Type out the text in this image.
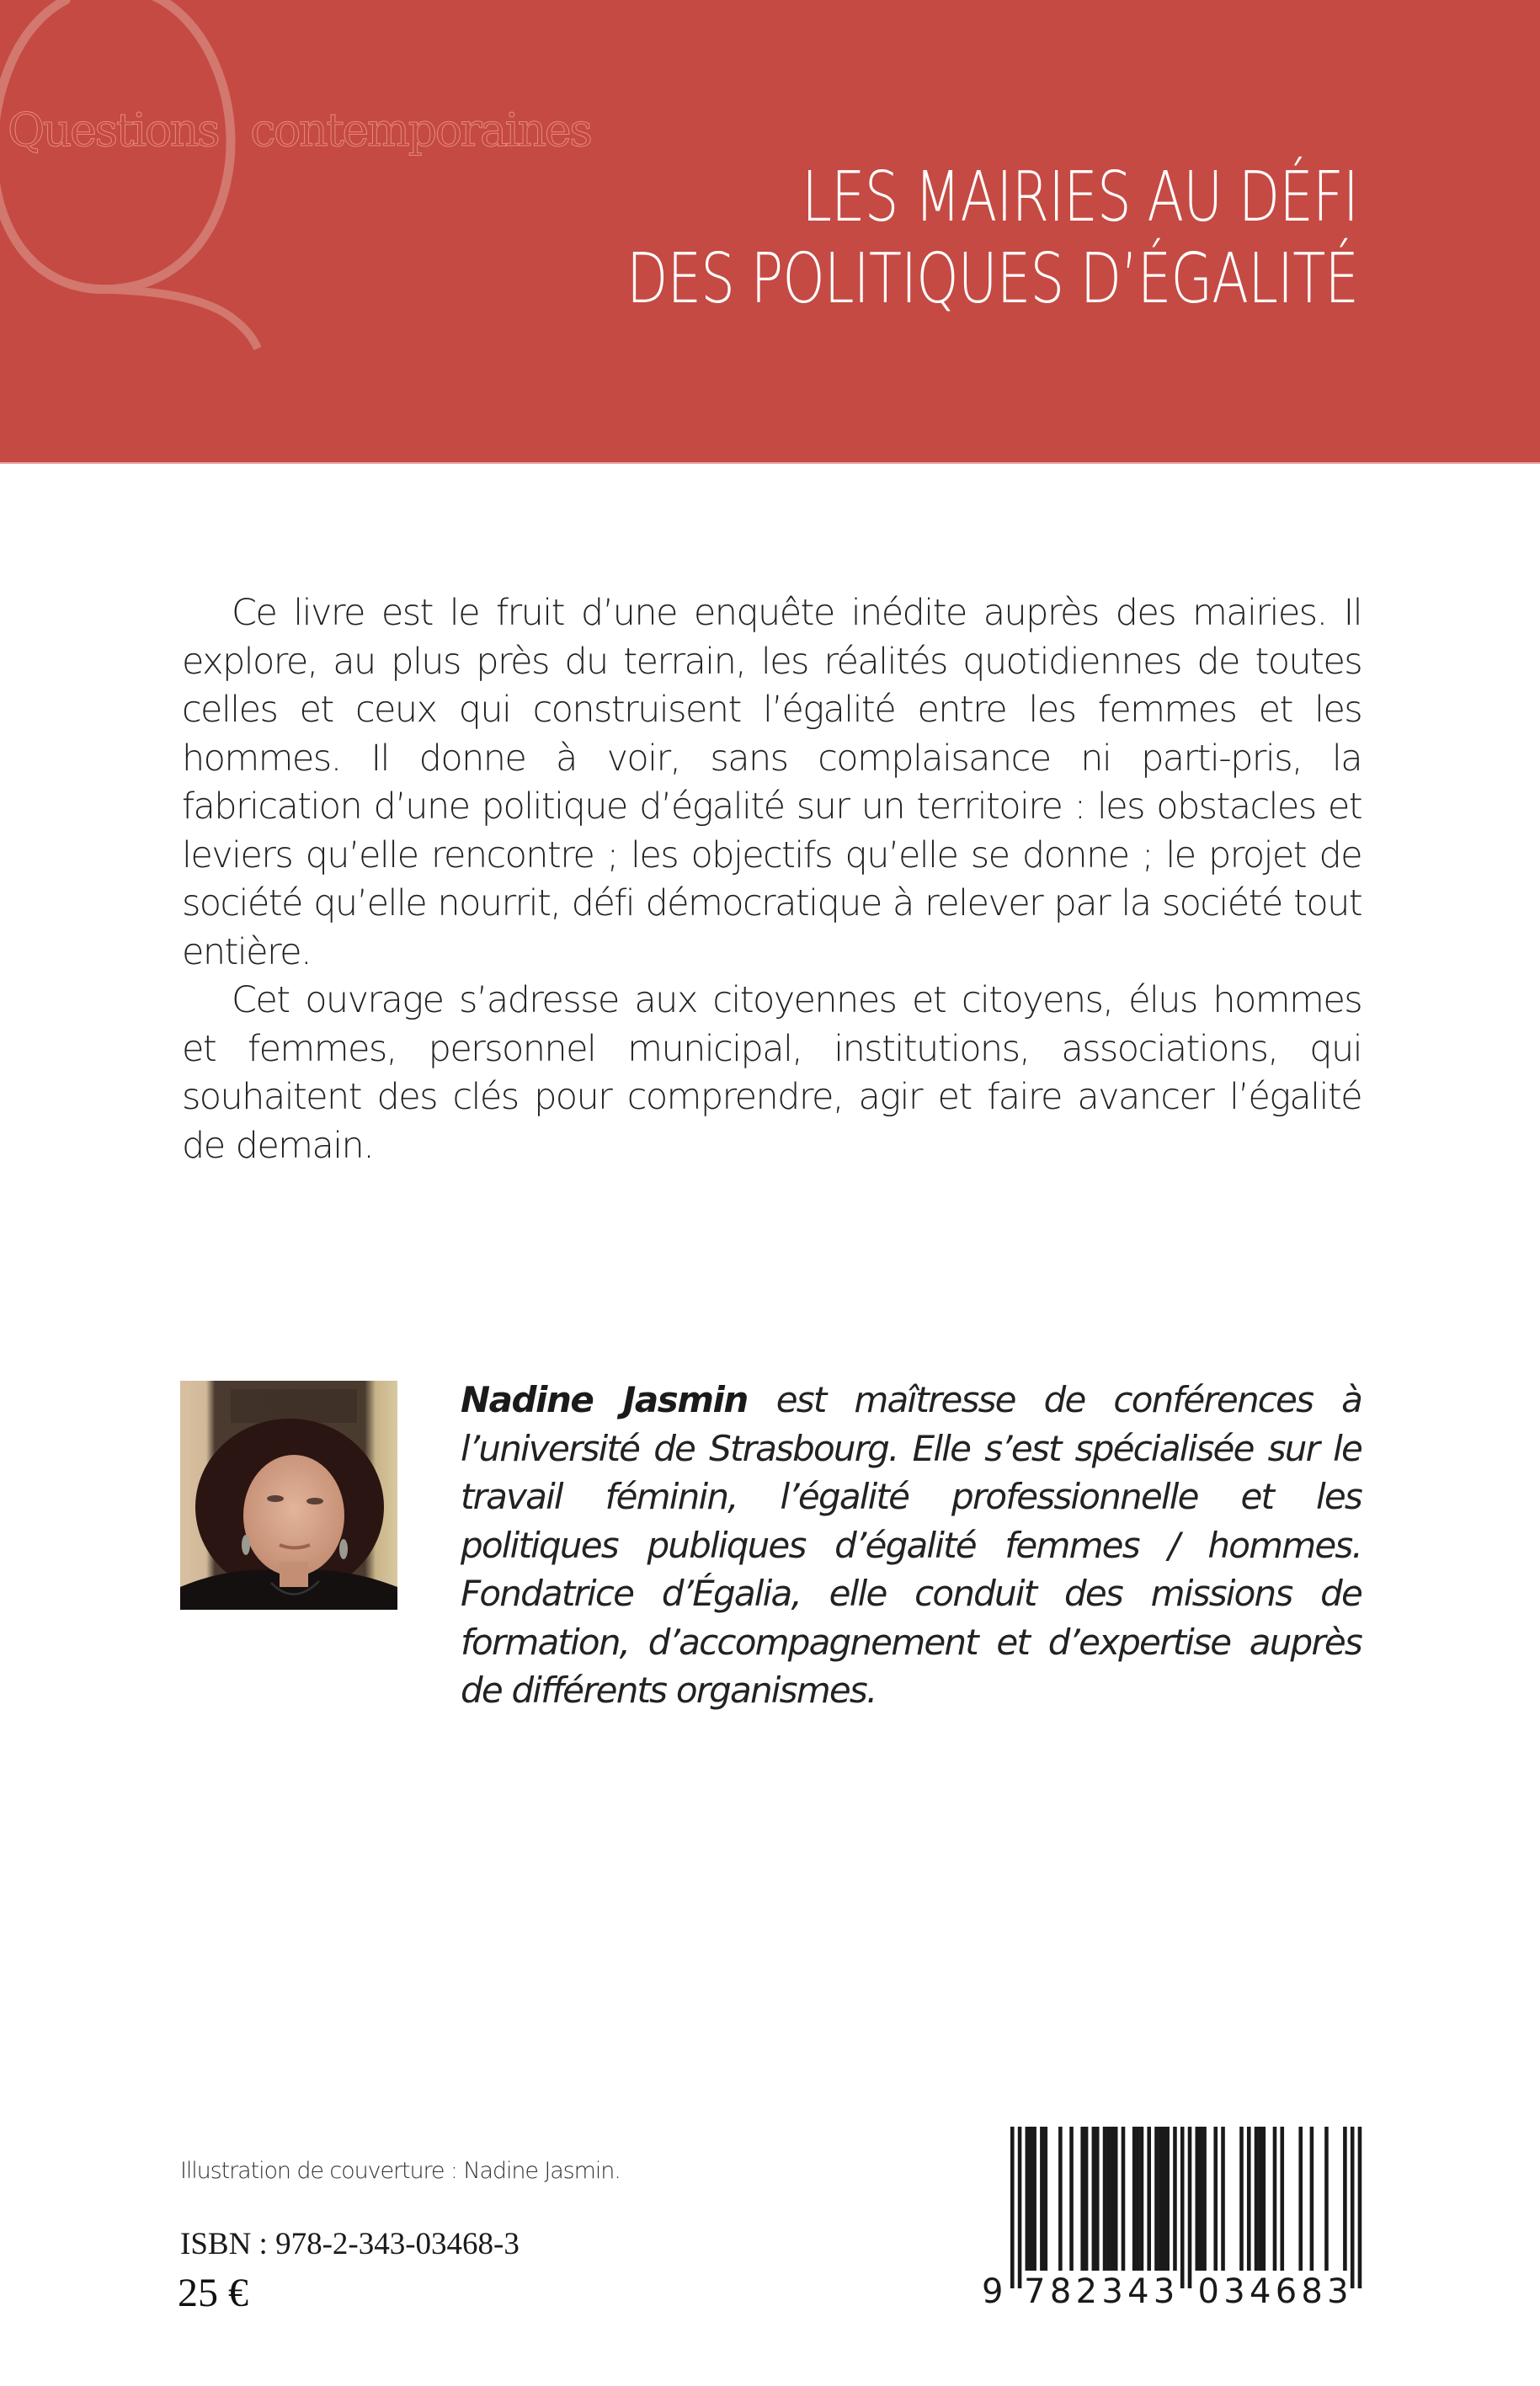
Questions contemporaines
LES MAIRIES AU DÉFI
DES POLITIQUES D’ÉGALITÉ

Ce livre est le fruit d’une enquête inédite auprès des mairies. Il explore, au plus près du terrain, les réalités quotidiennes de toutes celles et ceux qui construisent l’égalité entre les femmes et les hommes. Il donne à voir, sans complaisance ni parti-pris, la fabrication d’une politique d’égalité sur un territoire : les obstacles et leviers qu’elle rencontre ; les objectifs qu’elle se donne ; le projet de société qu’elle nourrit, défi démocratique à relever par la société tout entière.

Cet ouvrage s’adresse aux citoyennes et citoyens, élus hommes et femmes, personnel municipal, institutions, associations, qui souhaitent des clés pour comprendre, agir et faire avancer l’égalité de demain.

Nadine Jasmin est maîtresse de conférences à l’université de Strasbourg. Elle s’est spécialisée sur le travail féminin, l’égalité professionnelle et les politiques publiques d’égalité femmes / hommes. Fondatrice d’Égalia, elle conduit des missions de formation, d’accompagnement et d’expertise auprès de différents organismes.
Illustration de couverture : Nadine Jasmin.
ISBN : 978-2-343-03468-3
25 €	9 7 8 2 3 4 3 0 3 4 6 8 3
